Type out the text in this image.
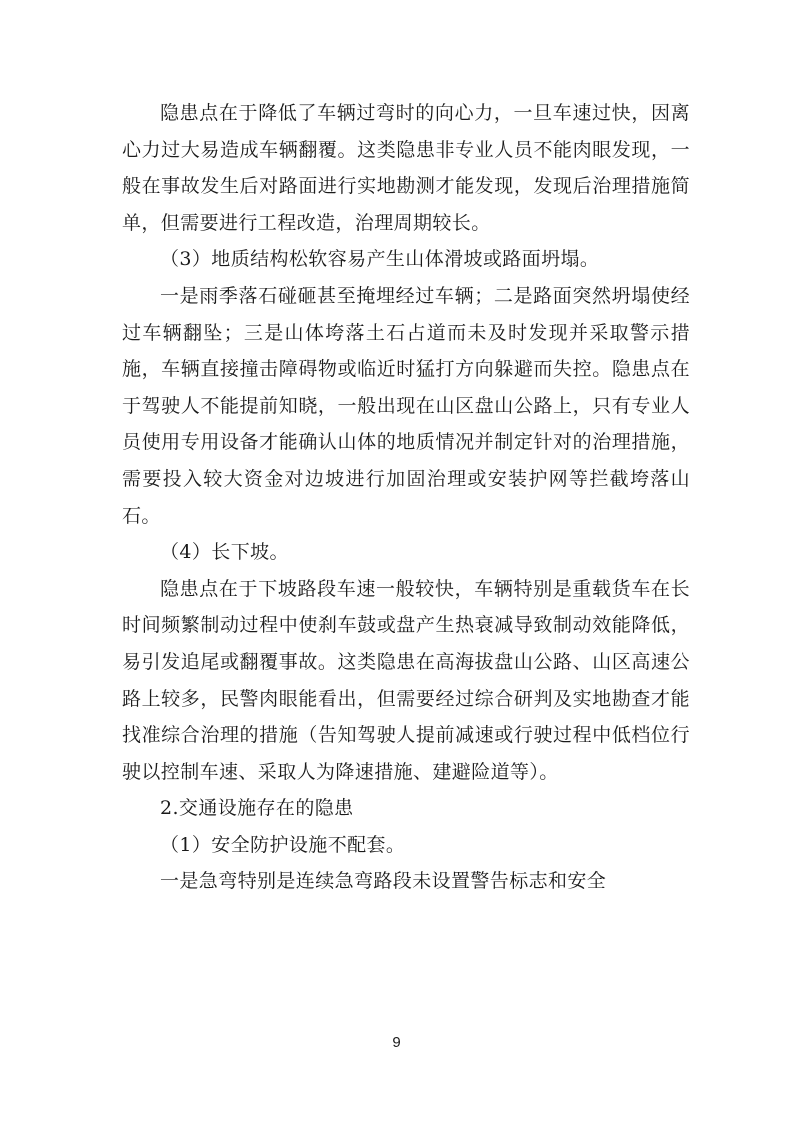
隐患点在于降低了车辆过弯时的向心力，一旦车速过快，因离心力过大易造成车辆翻覆。这类隐患非专业人员不能肉眼发现，一般在事故发生后对路面进行实地勘测才能发现，发现后治理措施简单，但需要进行工程改造，治理周期较长。

（3）地质结构松软容易产生山体滑坡或路面坍塌。

一是雨季落石碰砸甚至掩埋经过车辆；二是路面突然坍塌使经过车辆翻坠；三是山体垮落土石占道而未及时发现并采取警示措施，车辆直接撞击障碍物或临近时猛打方向躲避而失控。隐患点在于驾驶人不能提前知晓，一般出现在山区盘山公路上，只有专业人员使用专用设备才能确认山体的地质情况并制定针对的治理措施，需要投入较大资金对边坡进行加固治理或安装护网等拦截垮落山石。

（4）长下坡。

隐患点在于下坡路段车速一般较快，车辆特别是重载货车在长时间频繁制动过程中使刹车鼓或盘产生热衰减导致制动效能降低，易引发追尾或翻覆事故。这类隐患在高海拔盘山公路、山区高速公路上较多，民警肉眼能看出，但需要经过综合研判及实地勘查才能找准综合治理的措施（告知驾驶人提前减速或行驶过程中低档位行驶以控制车速、采取人为降速措施、建避险道等）。

2.交通设施存在的隐患

（1）安全防护设施不配套。

一是急弯特别是连续急弯路段未设置警告标志和安全

9
